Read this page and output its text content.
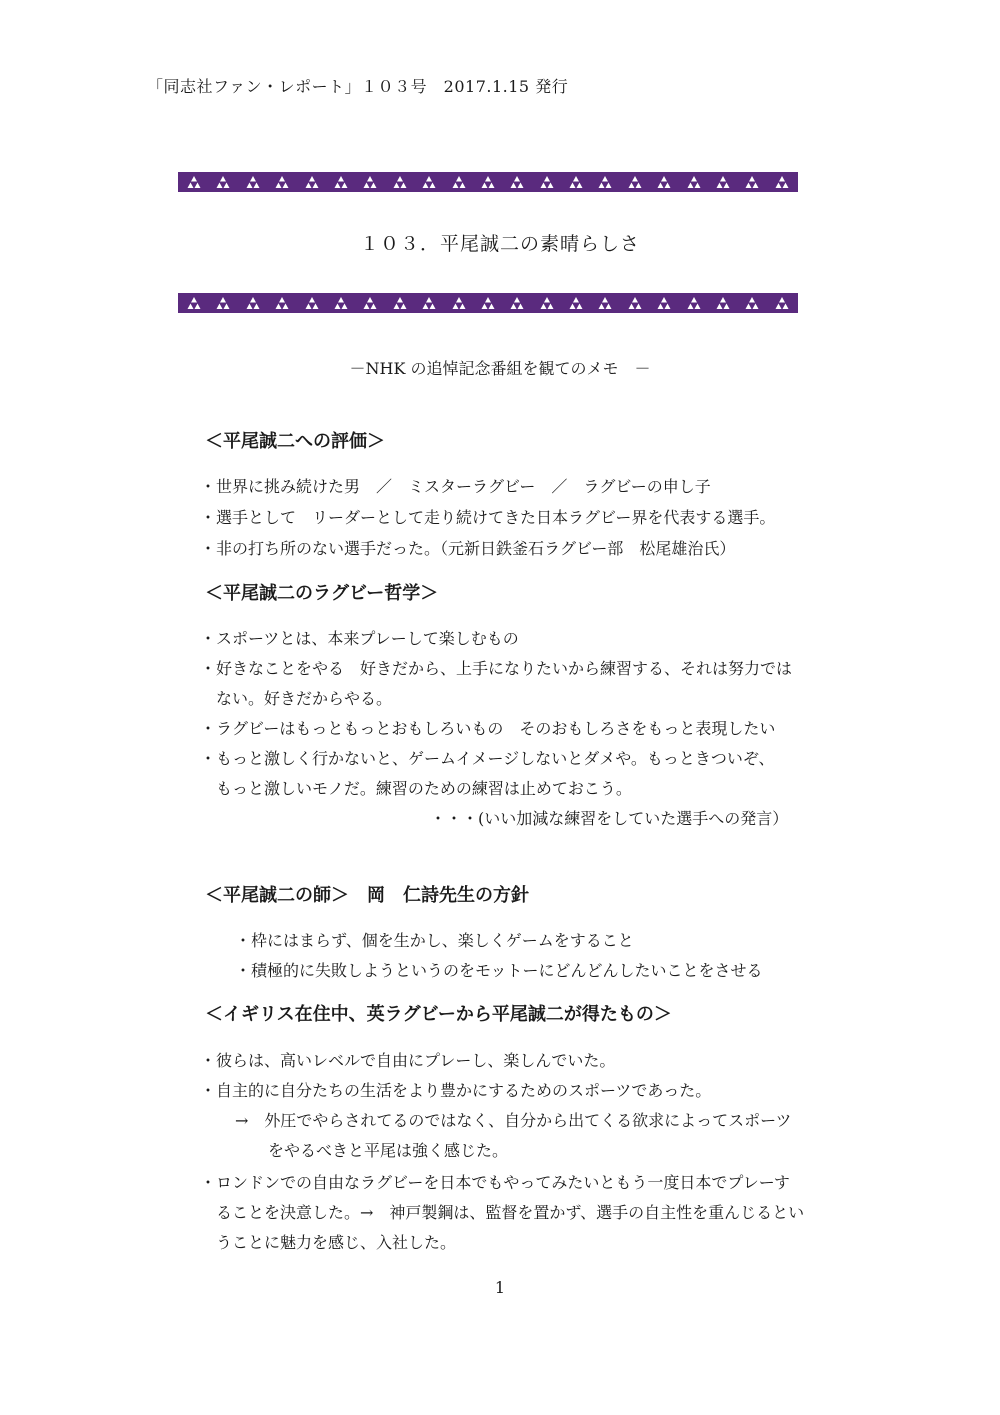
「同志社ファン・レポート」１０３号　2017.1.15 発行
１０３．平尾誠二の素晴らしさ
－NHK の追悼記念番組を観てのメモ　－
＜平尾誠二への評価＞
・世界に挑み続けた男　／　ミスターラグビー　／　ラグビーの申し子
・選手として　リーダーとして走り続けてきた日本ラグビー界を代表する選手。
・非の打ち所のない選手だった。（元新日鉄釜石ラグビー部　松尾雄治氏）
＜平尾誠二のラグビー哲学＞
・スポーツとは、本来プレーして楽しむもの
・好きなことをやる　好きだから、上手になりたいから練習する、それは努力では
ない。好きだからやる。
・ラグビーはもっともっとおもしろいもの　そのおもしろさをもっと表現したい
・もっと激しく行かないと、ゲームイメージしないとダメや。もっときついぞ、
もっと激しいモノだ。練習のための練習は止めておこう。
・・・(いい加減な練習をしていた選手への発言）
＜平尾誠二の師＞　岡　仁詩先生の方針
・枠にはまらず、個を生かし、楽しくゲームをすること
・積極的に失敗しようというのをモットーにどんどんしたいことをさせる
＜イギリス在住中、英ラグビーから平尾誠二が得たもの＞
・彼らは、高いレベルで自由にプレーし、楽しんでいた。
・自主的に自分たちの生活をより豊かにするためのスポーツであった。
→　外圧でやらされてるのではなく、自分から出てくる欲求によってスポーツ
をやるべきと平尾は強く感じた。
・ロンドンでの自由なラグビーを日本でもやってみたいともう一度日本でプレーす
ることを決意した。→　神戸製鋼は、監督を置かず、選手の自主性を重んじるとい
うことに魅力を感じ、入社した。
1
